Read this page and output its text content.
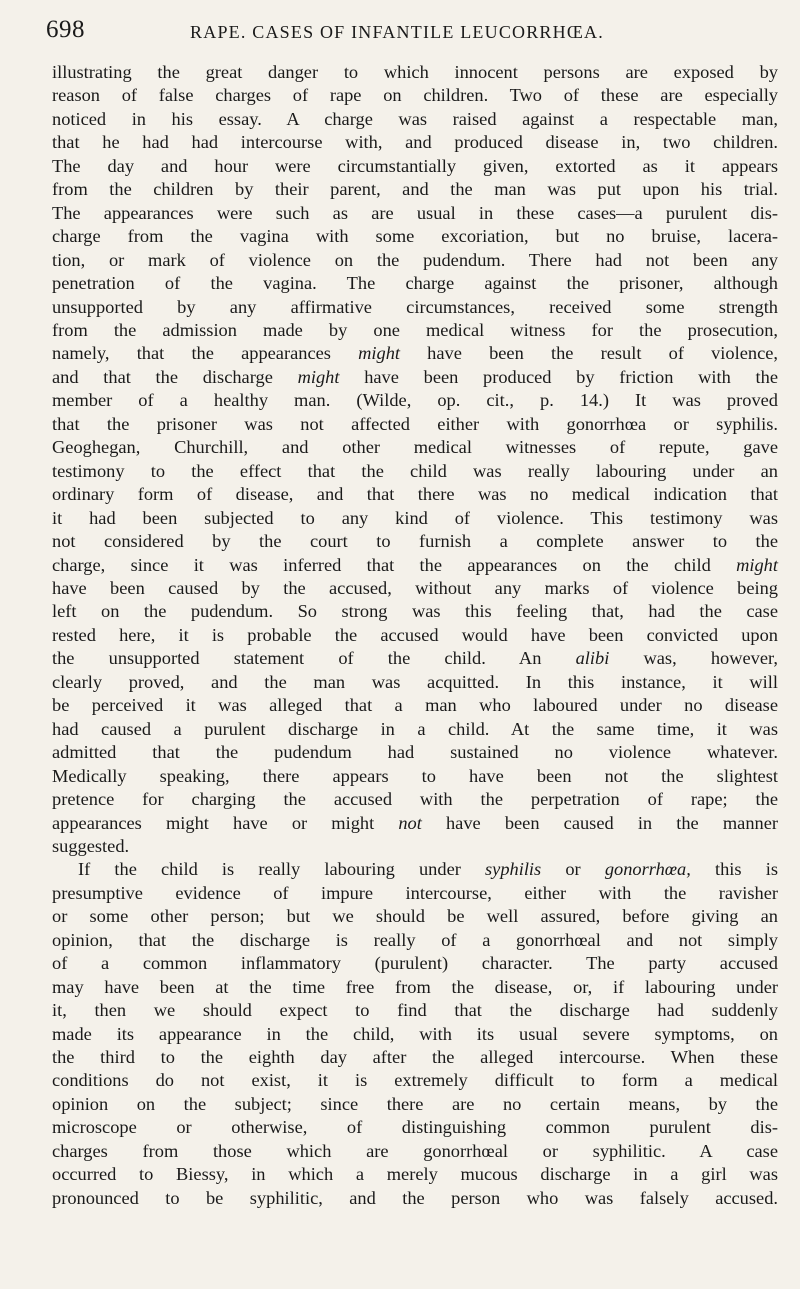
698	RAPE. CASES OF INFANTILE LEUCORRHŒA.
illustrating the great danger to which innocent persons are exposed by
reason of false charges of rape on children. Two of these are especially
noticed in his essay. A charge was raised against a respectable man,
that he had had intercourse with, and produced disease in, two children.
The day and hour were circumstantially given, extorted as it appears
from the children by their parent, and the man was put upon his trial.
The appearances were such as are usual in these cases—a purulent dis-
charge from the vagina with some excoriation, but no bruise, lacera-
tion, or mark of violence on the pudendum. There had not been any
penetration of the vagina. The charge against the prisoner, although
unsupported by any affirmative circumstances, received some strength
from the admission made by one medical witness for the prosecution,
namely, that the appearances might have been the result of violence,
and that the discharge might have been produced by friction with the
member of a healthy man. (Wilde, op. cit., p. 14.) It was proved
that the prisoner was not affected either with gonorrhœa or syphilis.
Geoghegan, Churchill, and other medical witnesses of repute, gave
testimony to the effect that the child was really labouring under an
ordinary form of disease, and that there was no medical indication that
it had been subjected to any kind of violence. This testimony was
not considered by the court to furnish a complete answer to the
charge, since it was inferred that the appearances on the child might
have been caused by the accused, without any marks of violence being
left on the pudendum. So strong was this feeling that, had the case
rested here, it is probable the accused would have been convicted upon
the unsupported statement of the child. An alibi was, however,
clearly proved, and the man was acquitted. In this instance, it will
be perceived it was alleged that a man who laboured under no disease
had caused a purulent discharge in a child. At the same time, it was
admitted that the pudendum had sustained no violence whatever.
Medically speaking, there appears to have been not the slightest
pretence for charging the accused with the perpetration of rape; the
appearances might have or might not have been caused in the manner
suggested.
If the child is really labouring under syphilis or gonorrhœa, this is
presumptive evidence of impure intercourse, either with the ravisher
or some other person; but we should be well assured, before giving an
opinion, that the discharge is really of a gonorrhœal and not simply
of a common inflammatory (purulent) character. The party accused
may have been at the time free from the disease, or, if labouring under
it, then we should expect to find that the discharge had suddenly
made its appearance in the child, with its usual severe symptoms, on
the third to the eighth day after the alleged intercourse. When these
conditions do not exist, it is extremely difficult to form a medical
opinion on the subject; since there are no certain means, by the
microscope or otherwise, of distinguishing common purulent dis-
charges from those which are gonorrhœal or syphilitic. A case
occurred to Biessy, in which a merely mucous discharge in a girl was
pronounced to be syphilitic, and the person who was falsely accused.
